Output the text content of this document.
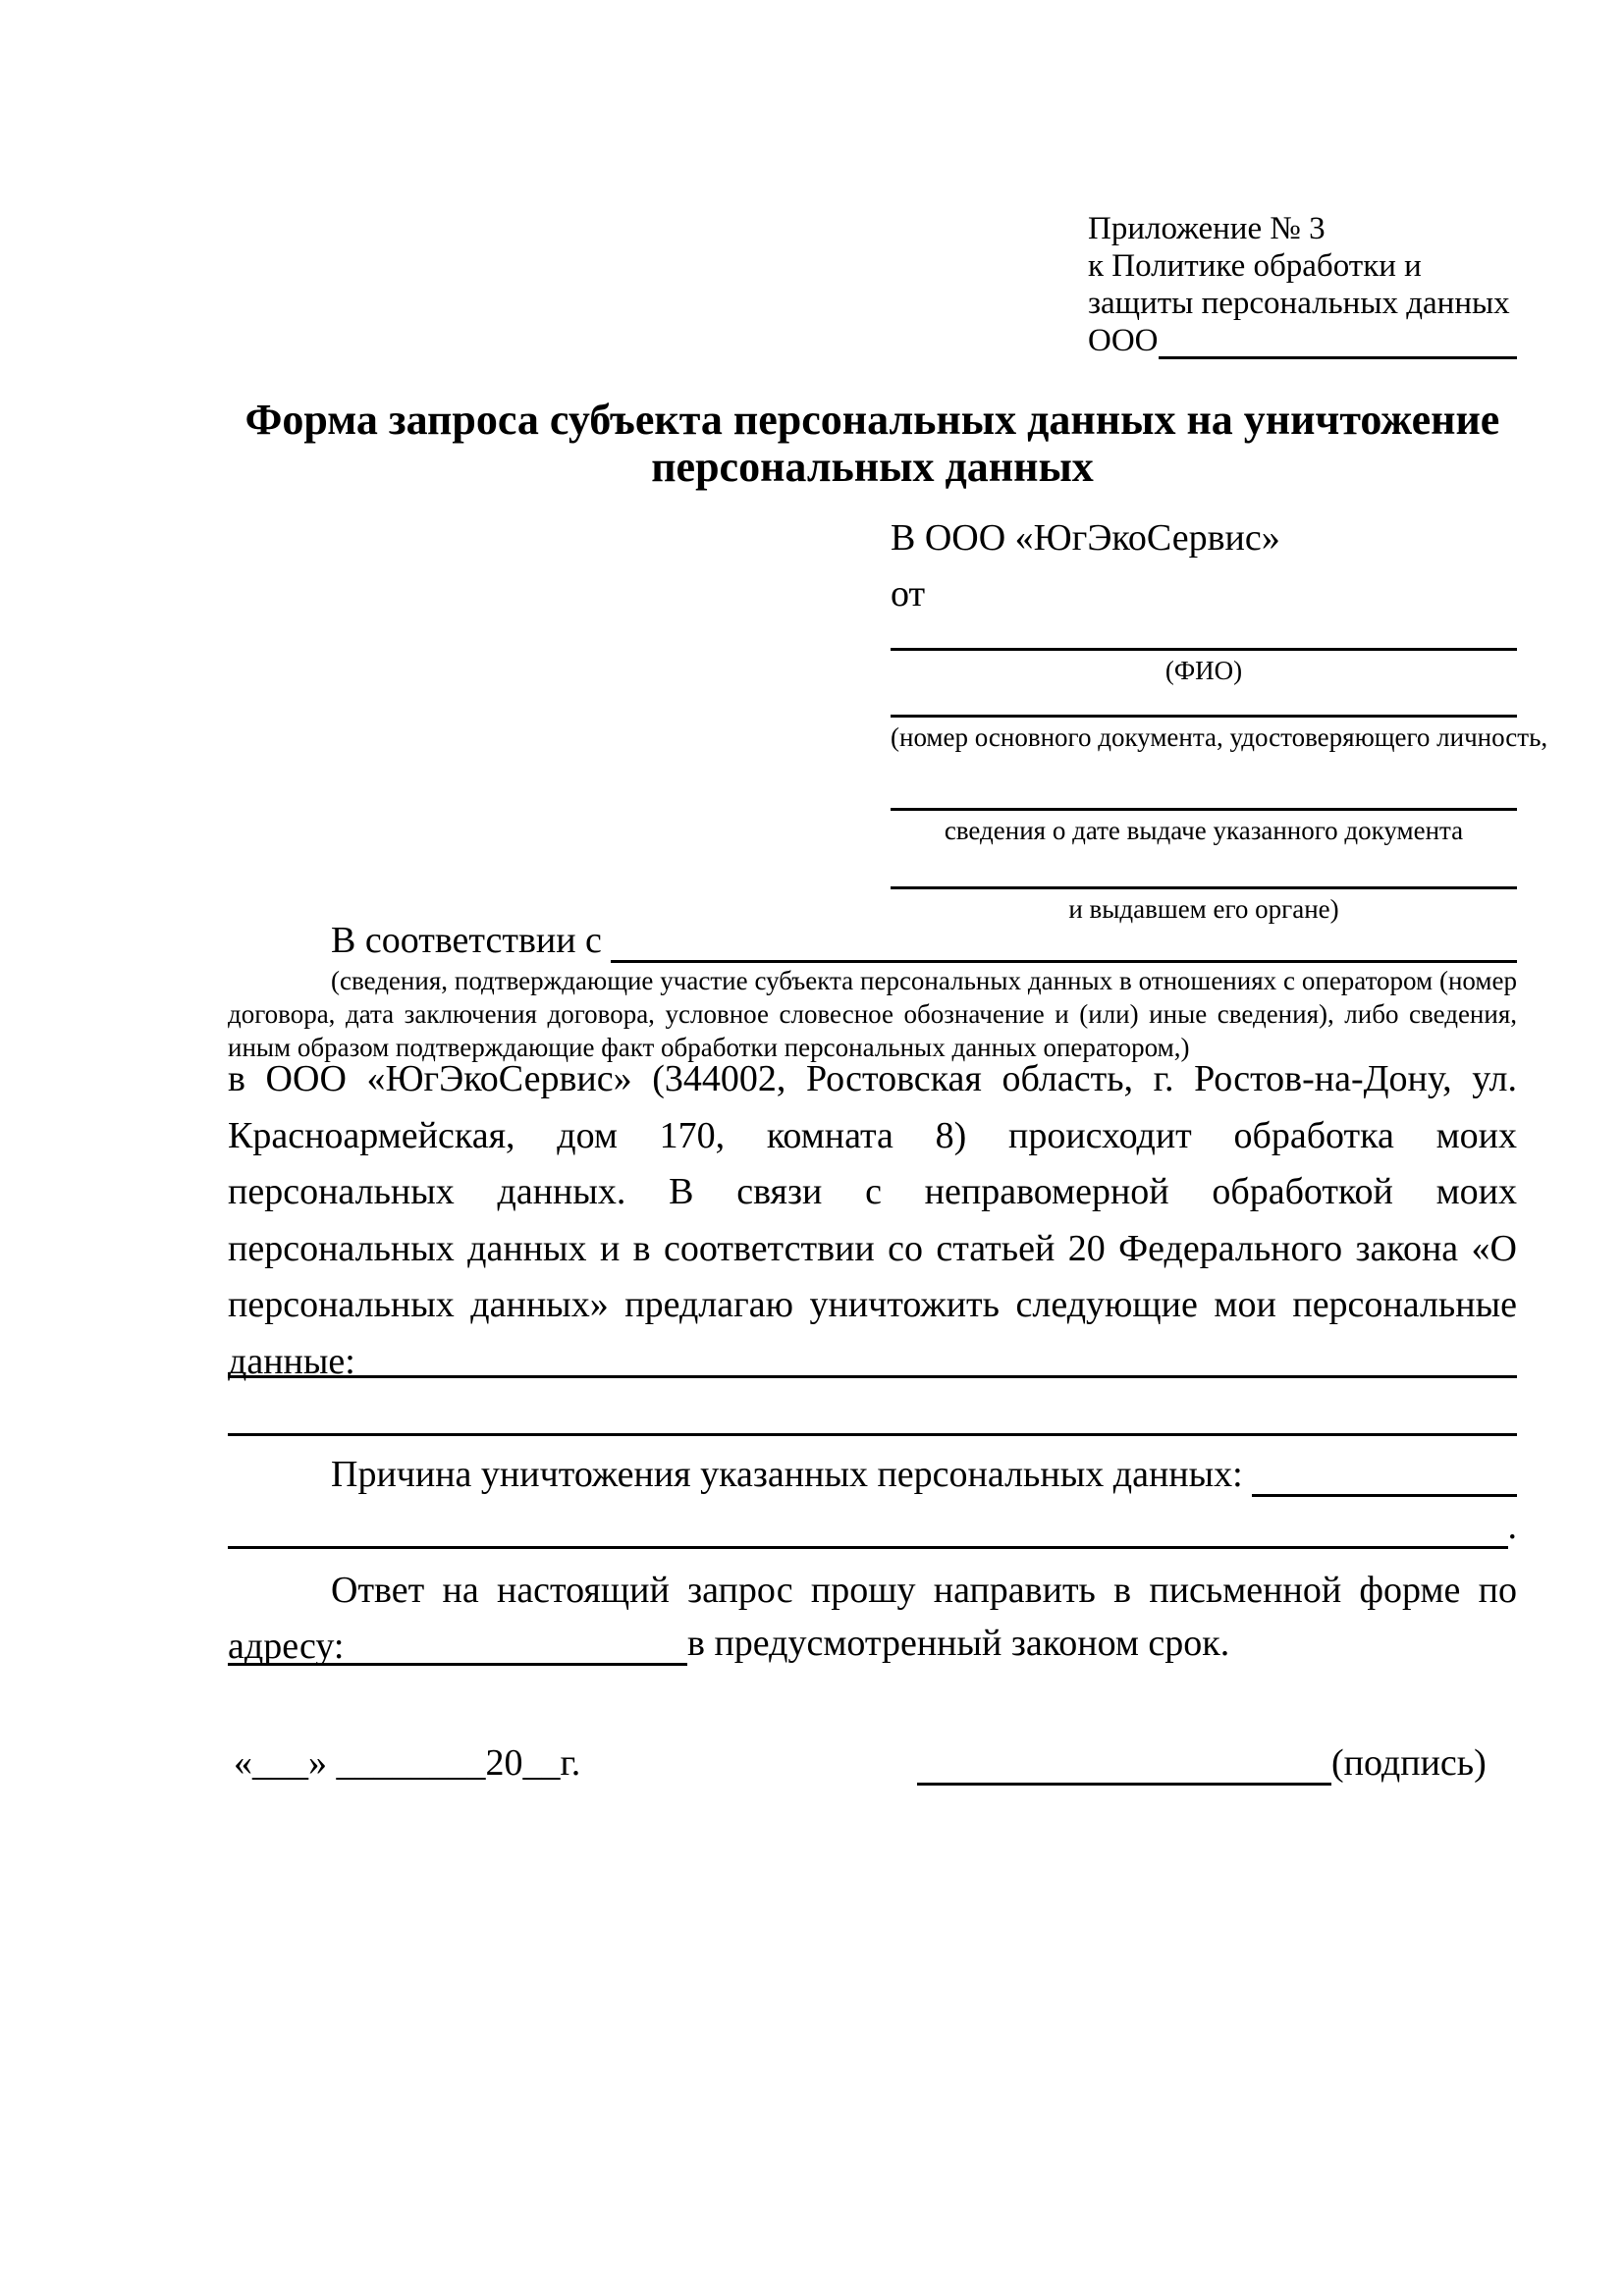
Приложение № 3
к Политике обработки и
защиты персональных данных
ООО
Форма запроса субъекта персональных данных на уничтожение персональных данных
В ООО «ЮгЭкоСервис»
от
(ФИО)
(номер основного документа, удостоверяющего личность,
сведения о дате выдаче указанного документа
и выдавшем его органе)
В соответствии с

(сведения, подтверждающие участие субъекта персональных данных в отношениях с оператором (номер договора, дата заключения договора, условное словесное обозначение и (или) иные сведения), либо сведения, иным образом подтверждающие факт обработки персональных данных оператором,)
в ООО «ЮгЭкоСервис» (344002, Ростовская область, г. Ростов-на-Дону, ул. Красноармейская, дом 170, комната 8) происходит обработка моих персональных данных. В связи с неправомерной обработкой моих персональных данных и в соответствии со статьей 20 Федерального закона «О персональных данных» предлагаю уничтожить следующие мои персональные данные:
Причина уничтожения указанных персональных данных:

.
Ответ на настоящий запрос прошу направить в письменной форме по адресу:	в предусмотренный законом срок.
«___» ________20__г.	(подпись)
